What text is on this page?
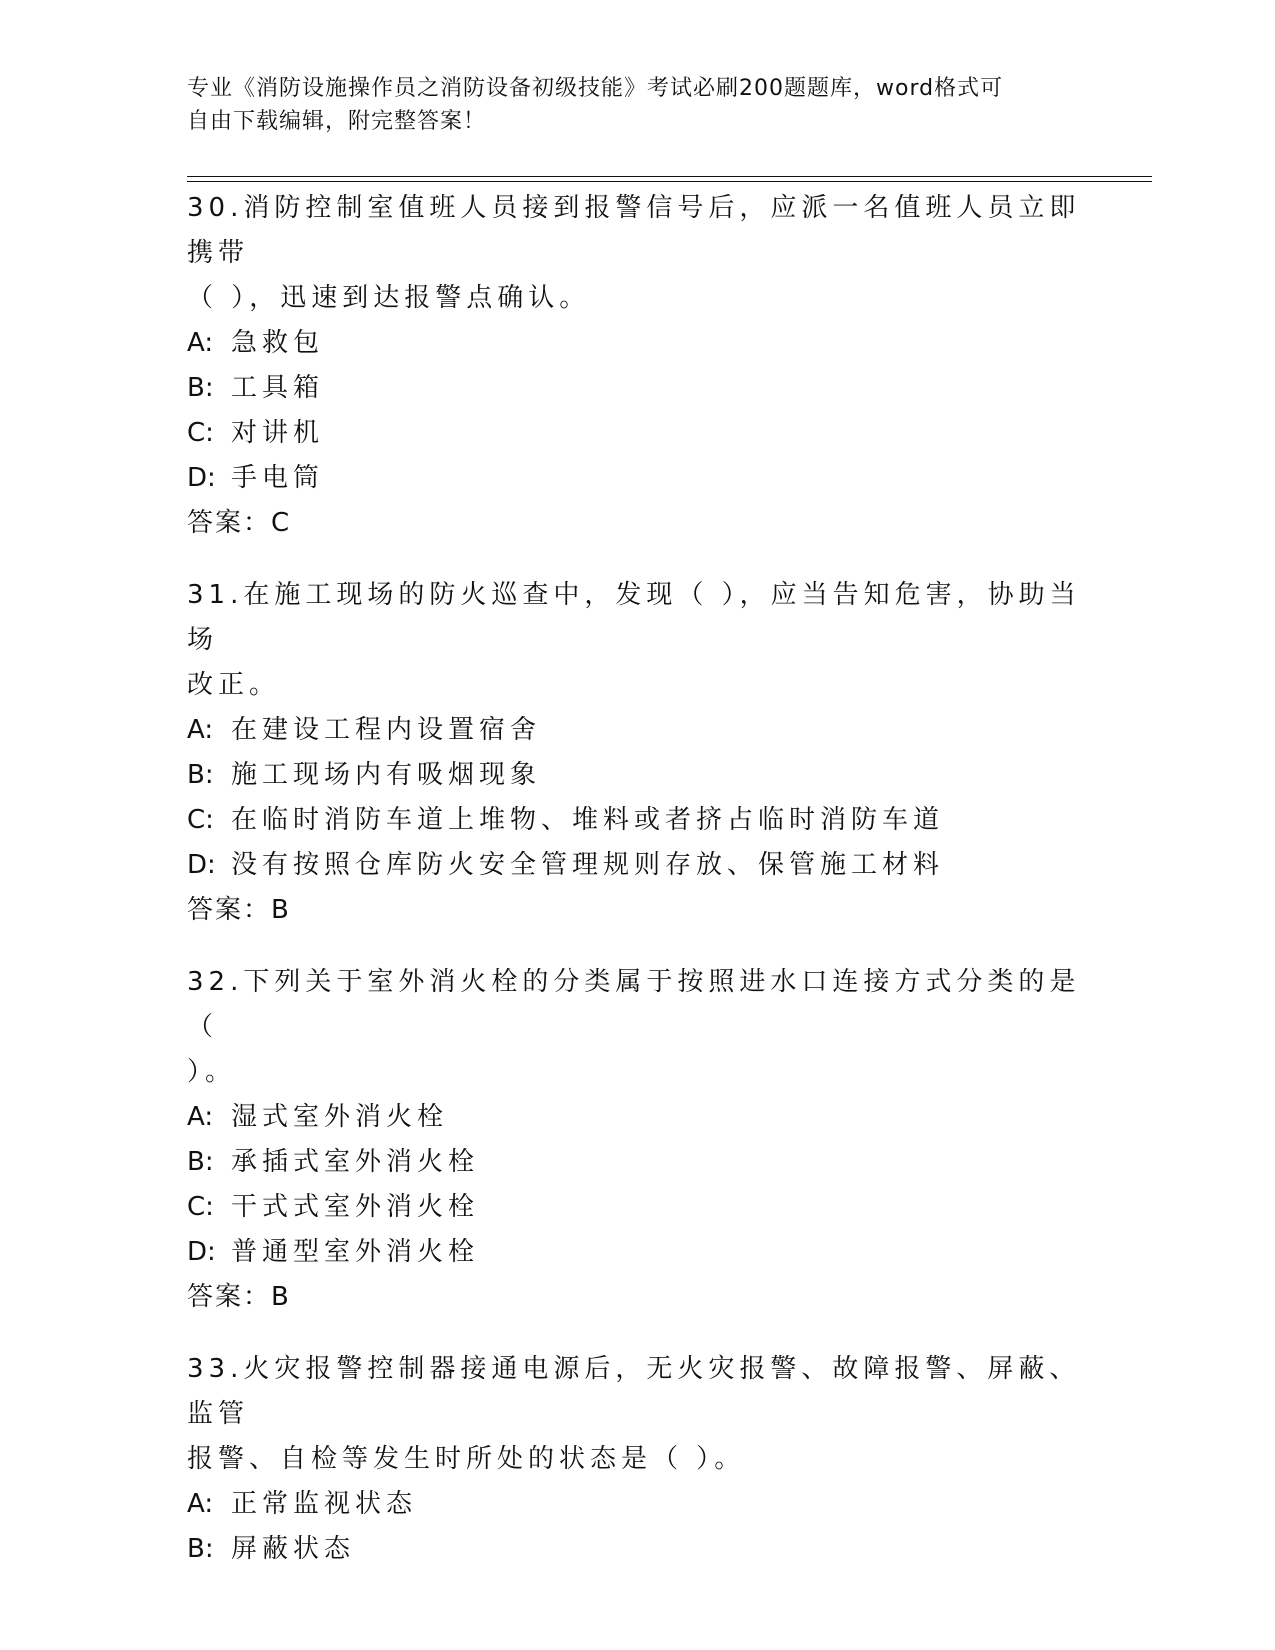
专业《消防设施操作员之消防设备初级技能》考试必刷200题题库，word格式可
自由下载编辑，附完整答案！
30.消防控制室值班人员接到报警信号后，应派一名值班人员立即携带
（ ），迅速到达报警点确认。
A: 急救包
B: 工具箱
C: 对讲机
D: 手电筒
答案：C
31.在施工现场的防火巡查中，发现（ ），应当告知危害，协助当场
改正。
A: 在建设工程内设置宿舍
B: 施工现场内有吸烟现象
C: 在临时消防车道上堆物、堆料或者挤占临时消防车道
D: 没有按照仓库防火安全管理规则存放、保管施工材料
答案：B
32.下列关于室外消火栓的分类属于按照进水口连接方式分类的是（
）。
A: 湿式室外消火栓
B: 承插式室外消火栓
C: 干式式室外消火栓
D: 普通型室外消火栓
答案：B
33.火灾报警控制器接通电源后，无火灾报警、故障报警、屏蔽、监管
报警、自检等发生时所处的状态是（ ）。
A: 正常监视状态
B: 屏蔽状态
